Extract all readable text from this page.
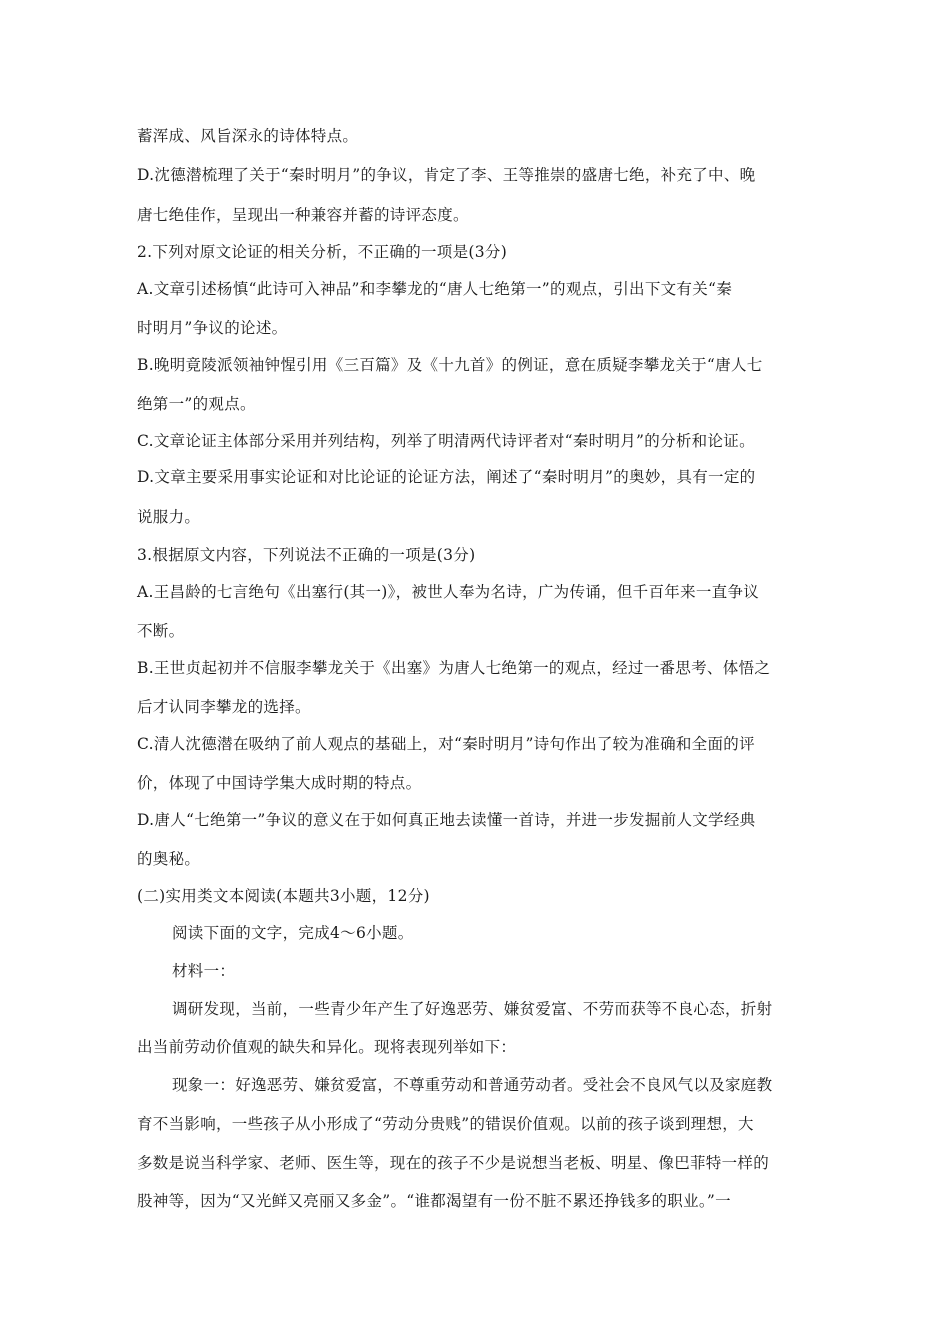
蓄浑成、风旨深永的诗体特点。
D.沈德潜梳理了关于“秦时明月”的争议，肯定了李、王等推崇的盛唐七绝，补充了中、晚
唐七绝佳作，呈现出一种兼容并蓄的诗评态度。
2.下列对原文论证的相关分析，不正确的一项是(3分)
A.文章引述杨慎“此诗可入神品”和李攀龙的“唐人七绝第一”的观点，引出下文有关“秦
时明月”争议的论述。
B.晚明竟陵派领袖钟惺引用《三百篇》及《十九首》的例证，意在质疑李攀龙关于“唐人七
绝第一”的观点。
C.文章论证主体部分采用并列结构，列举了明清两代诗评者对“秦时明月”的分析和论证。
D.文章主要采用事实论证和对比论证的论证方法，阐述了“秦时明月”的奥妙，具有一定的
说服力。
3.根据原文内容，下列说法不正确的一项是(3分)
A.王昌龄的七言绝句《出塞行(其一)》，被世人奉为名诗，广为传诵，但千百年来一直争议
不断。
B.王世贞起初并不信服李攀龙关于《出塞》为唐人七绝第一的观点，经过一番思考、体悟之
后才认同李攀龙的选择。
C.清人沈德潜在吸纳了前人观点的基础上，对“秦时明月”诗句作出了较为准确和全面的评
价，体现了中国诗学集大成时期的特点。
D.唐人“七绝第一”争议的意义在于如何真正地去读懂一首诗，并进一步发掘前人文学经典
的奥秘。
(二)实用类文本阅读(本题共3小题，12分)
阅读下面的文字，完成4～6小题。
材料一：
调研发现，当前，一些青少年产生了好逸恶劳、嫌贫爱富、不劳而获等不良心态，折射
出当前劳动价值观的缺失和异化。现将表现列举如下：
现象一：好逸恶劳、嫌贫爱富，不尊重劳动和普通劳动者。受社会不良风气以及家庭教
育不当影响，一些孩子从小形成了“劳动分贵贱”的错误价值观。以前的孩子谈到理想，大
多数是说当科学家、老师、医生等，现在的孩子不少是说想当老板、明星、像巴菲特一样的
股神等，因为“又光鲜又亮丽又多金”。“谁都渴望有一份不脏不累还挣钱多的职业。”一
